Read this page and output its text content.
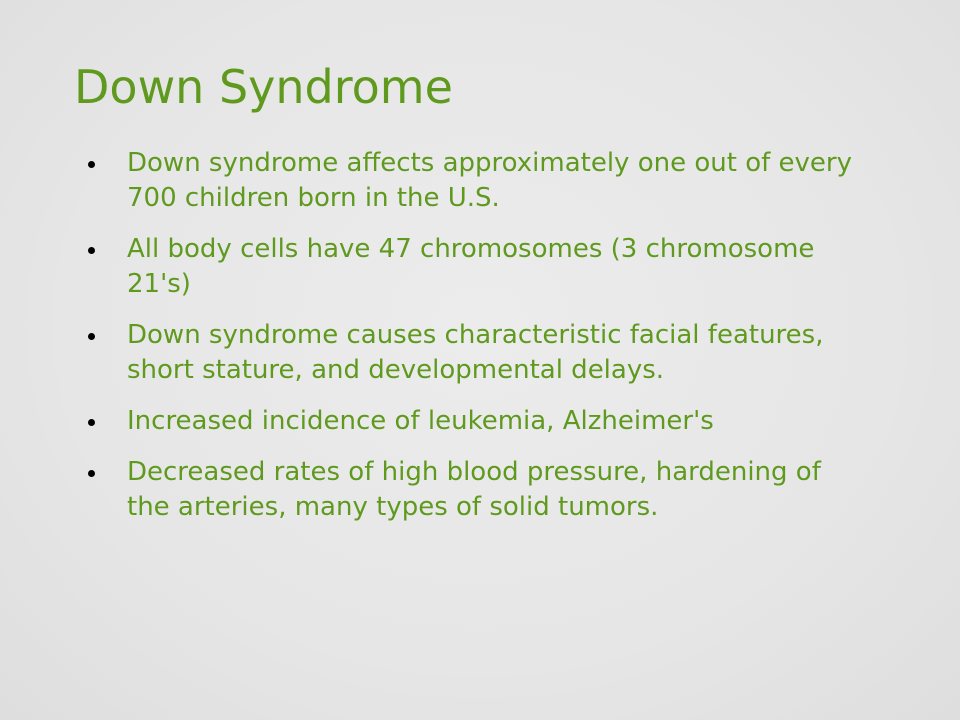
Down Syndrome
Down syndrome affects approximately one out of every 700 children born in the U.S.
All body cells have 47 chromosomes (3 chromosome 21's)
Down syndrome causes characteristic facial features, short stature, and developmental delays.
Increased incidence of leukemia, Alzheimer's
Decreased rates of high blood pressure, hardening of the arteries, many types of solid tumors.
